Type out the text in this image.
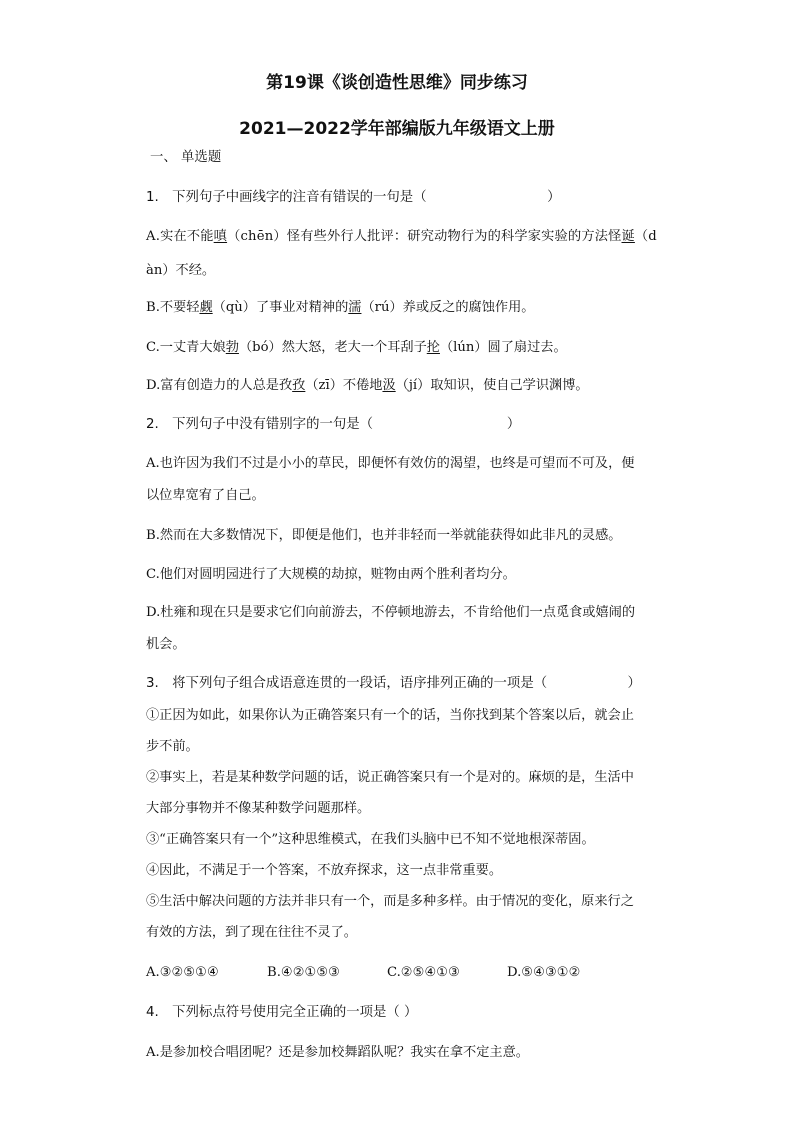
第19课《谈创造性思维》同步练习
2021—2022学年部编版九年级语文上册
一、 单选题
1.　下列句子中画线字的注音有错误的一句是（　　　　　　　　　）
A.实在不能嗔（chēn）怪有些外行人批评：研究动物行为的科学家实验的方法怪诞（d
àn）不经。
B.不要轻觑（qù）了事业对精神的濡（rú）养或反之的腐蚀作用。
C.一丈青大娘勃（bó）然大怒，老大一个耳刮子抡（lún）圆了扇过去。
D.富有创造力的人总是孜孜（zī）不倦地汲（jí）取知识，使自己学识渊博。
2.　下列句子中没有错别字的一句是（　　　　　　　　　　）
A.也许因为我们不过是小小的草民，即便怀有效仿的渴望，也终是可望而不可及，便
以位卑宽宥了自己。
B.然而在大多数情况下，即便是他们，也并非轻而一举就能获得如此非凡的灵感。
C.他们对圆明园进行了大规模的劫掠，赃物由两个胜利者均分。
D.杜雍和现在只是要求它们向前游去，不停顿地游去，不肯给他们一点觅食或嬉闹的
机会。
3.　将下列句子组合成语意连贯的一段话，语序排列正确的一项是（　　　　　　）
①正因为如此，如果你认为正确答案只有一个的话，当你找到某个答案以后，就会止
步不前。
②事实上，若是某种数学问题的话，说正确答案只有一个是对的。麻烦的是，生活中
大部分事物并不像某种数学问题那样。
③“正确答案只有一个”这种思维模式，在我们头脑中已不知不觉地根深蒂固。
④因此，不满足于一个答案，不放弃探求，这一点非常重要。
⑤生活中解决问题的方法并非只有一个，而是多种多样。由于情况的变化，原来行之
有效的方法，到了现在往往不灵了。
A.③②⑤①④	B.④②①⑤③	C.②⑤④①③	D.⑤④③①②
4.　下列标点符号使用完全正确的一项是（ ）
A.是参加校合唱团呢？还是参加校舞蹈队呢？我实在拿不定主意。
